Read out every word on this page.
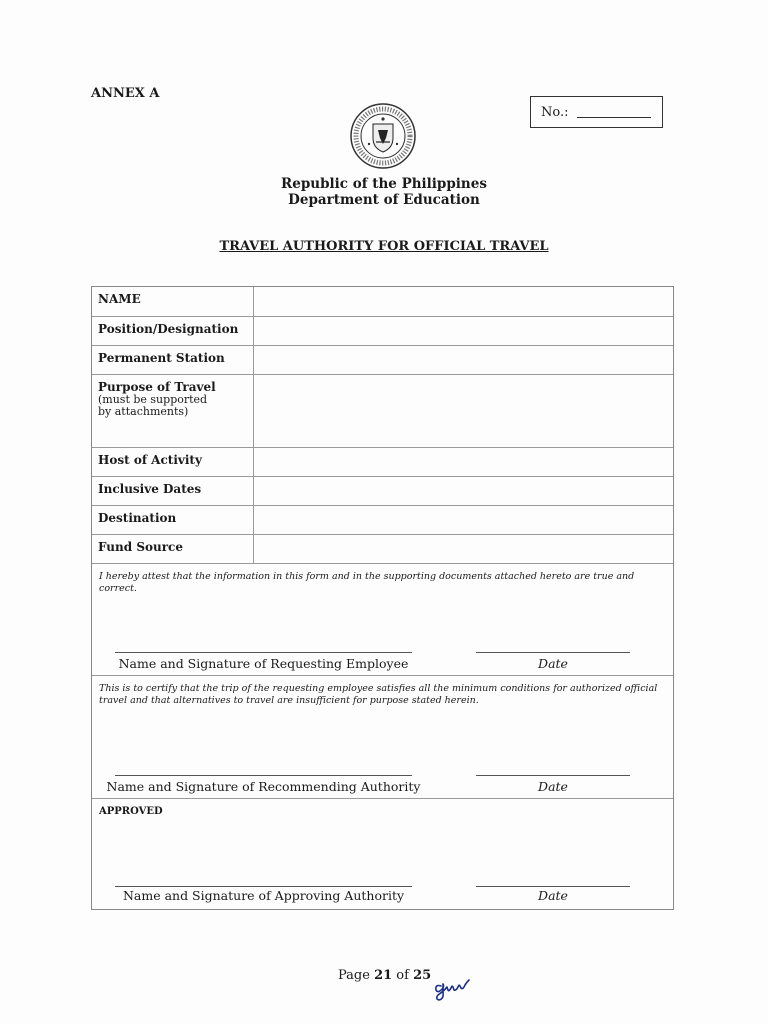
ANNEX A
No.:
Republic of the Philippines
Department of Education
TRAVEL AUTHORITY FOR OFFICIAL TRAVEL
NAME
Position/Designation
Permanent Station
Purpose of Travel
(must be supported
by attachments)
Host of Activity
Inclusive Dates
Destination
Fund Source
I hereby attest that the information in this form and in the supporting documents attached hereto are true and correct.
Name and Signature of Requesting Employee	Date
This is to certify that the trip of the requesting employee satisfies all the minimum conditions for authorized official travel and that alternatives to travel are insufficient for purpose stated herein.
Name and Signature of Recommending Authority	Date
APPROVED
Name and Signature of Approving Authority	Date
Page 21 of 25
